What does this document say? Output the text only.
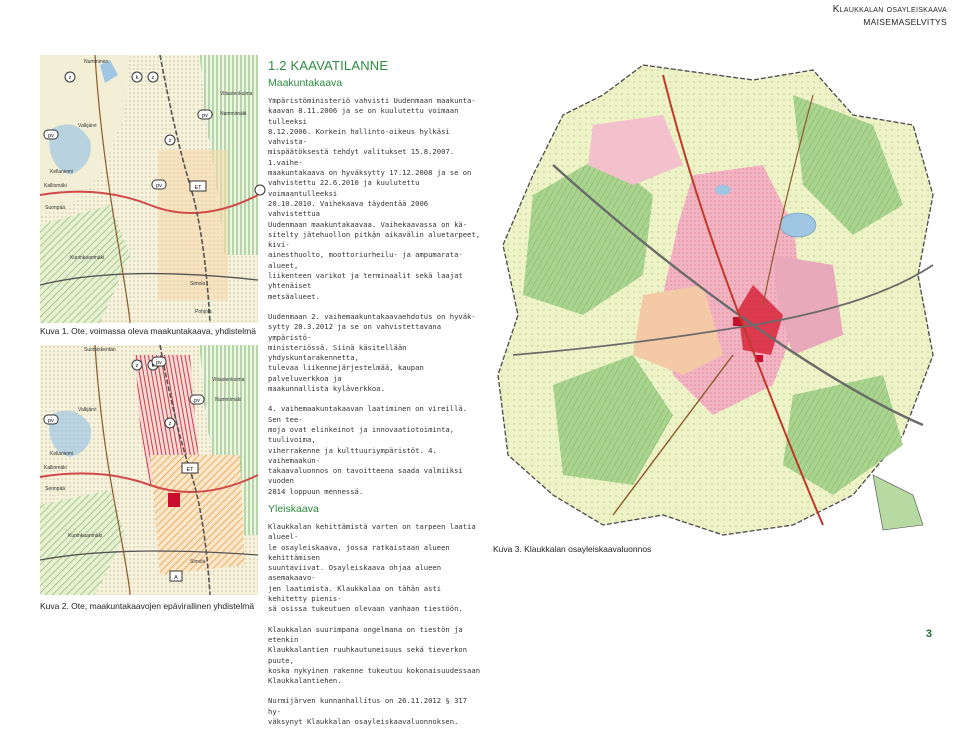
Klaukkalan osayleiskaava
MAISEMASELVITYS
Numminen
Valkjärvi
Suonpää
Kuninkaanmäki
Viitastenkulma
Simola
Kellaniemi
Nummimäki
Pohjola
Kalliomäki
pv
pv
pv	ET
z	k z
z
Kuva 1. Ote, voimassa oleva maakuntakaava, yhdistelmä
Suomiskentän
Valkjärvi
Seonpää
Kuninkaanmäki
Viitastenkulma
Simola
Kellaniemi
Nummimäki
Kalliomäki
pv
pv
pv
ET
A
z k
z
Kuva 2. Ote, maakuntakaavojen epävirallinen yhdistelmä
Kuva 3. Klaukkalan osayleiskaavaluonnos
1.2 KAAVATILANNE
Maakuntakaava
Ympäristöministeriö vahvisti Uudenmaan maakunta-
kaavan 8.11.2006 ja se on kuulutettu voimaan tulleeksi
8.12.2006. Korkein hallinto-oikeus hylkäsi vahvista-
mispäätöksestä tehdyt valitukset 15.8.2007. 1.vaihe-
maakuntakaava on hyväksytty 17.12.2008 ja se on
vahvistettu 22.6.2010 ja kuulutettu voimaantulleeksi
20.10.2010. Vaihekaava täydentää 2006 vahvistettua
Uudenmaan maakuntakaavaa. Vaihekaavassa on kä-
sitelty jätehuollon pitkän aikavälin aluetarpeet, kivi-
ainesthuolto, moottoriurheilu- ja ampumarata-alueet,
liikenteen varikot ja terminaalit sekä laajat yhtenäiset
metsäalueet.
Uudenmaan 2. vaihemaakuntakaavaehdotus on hyväk-
sytty 20.3.2012 ja se on vahvistettavana ympäristö-
ministeriössä. Siinä käsitellään yhdyskuntarakennetta,
tulevaa liikennejärjestelmää, kaupan palveluverkkoa ja
maakunnallista kyläverkkoa.
4. vaihemaakuntakaavan laatiminen on vireillä. Sen tee-
moja ovat elinkeinot ja innovaatiotoiminta, tuulivoima,
viherrakenne ja kulttuuriympäristöt. 4. vaihemaakun-
takaavaluonnos on tavoitteena saada valmiiksi vuoden
2014 loppuun mennessä.
Yleiskaava
Klaukkalan kehittämistä varten on tarpeen laatia alueel-
le osayleiskaava, jossa ratkaistaan alueen kehittämisen
suuntaviivat. Osayleiskaava ohjaa alueen asemakaavo-
jen laatimista. Klaukkalaa on tähän asti kehitetty pienis-
sä osissa tukeutuen olevaan vanhaan tiestöön.
Klaukkalan suurimpana ongelmana on tiestön ja etenkin
Klaukkalantien ruuhkautuneisuus sekä tieverkon puute,
koska nykyinen rakenne tukeutuu kokonaisuudessaan
Klaukkalantiehen.
Nurmijärven kunnanhallitus on 26.11.2012 § 317 hy-
väksynyt Klaukkalan osayleiskaavaluonnoksen.
3
